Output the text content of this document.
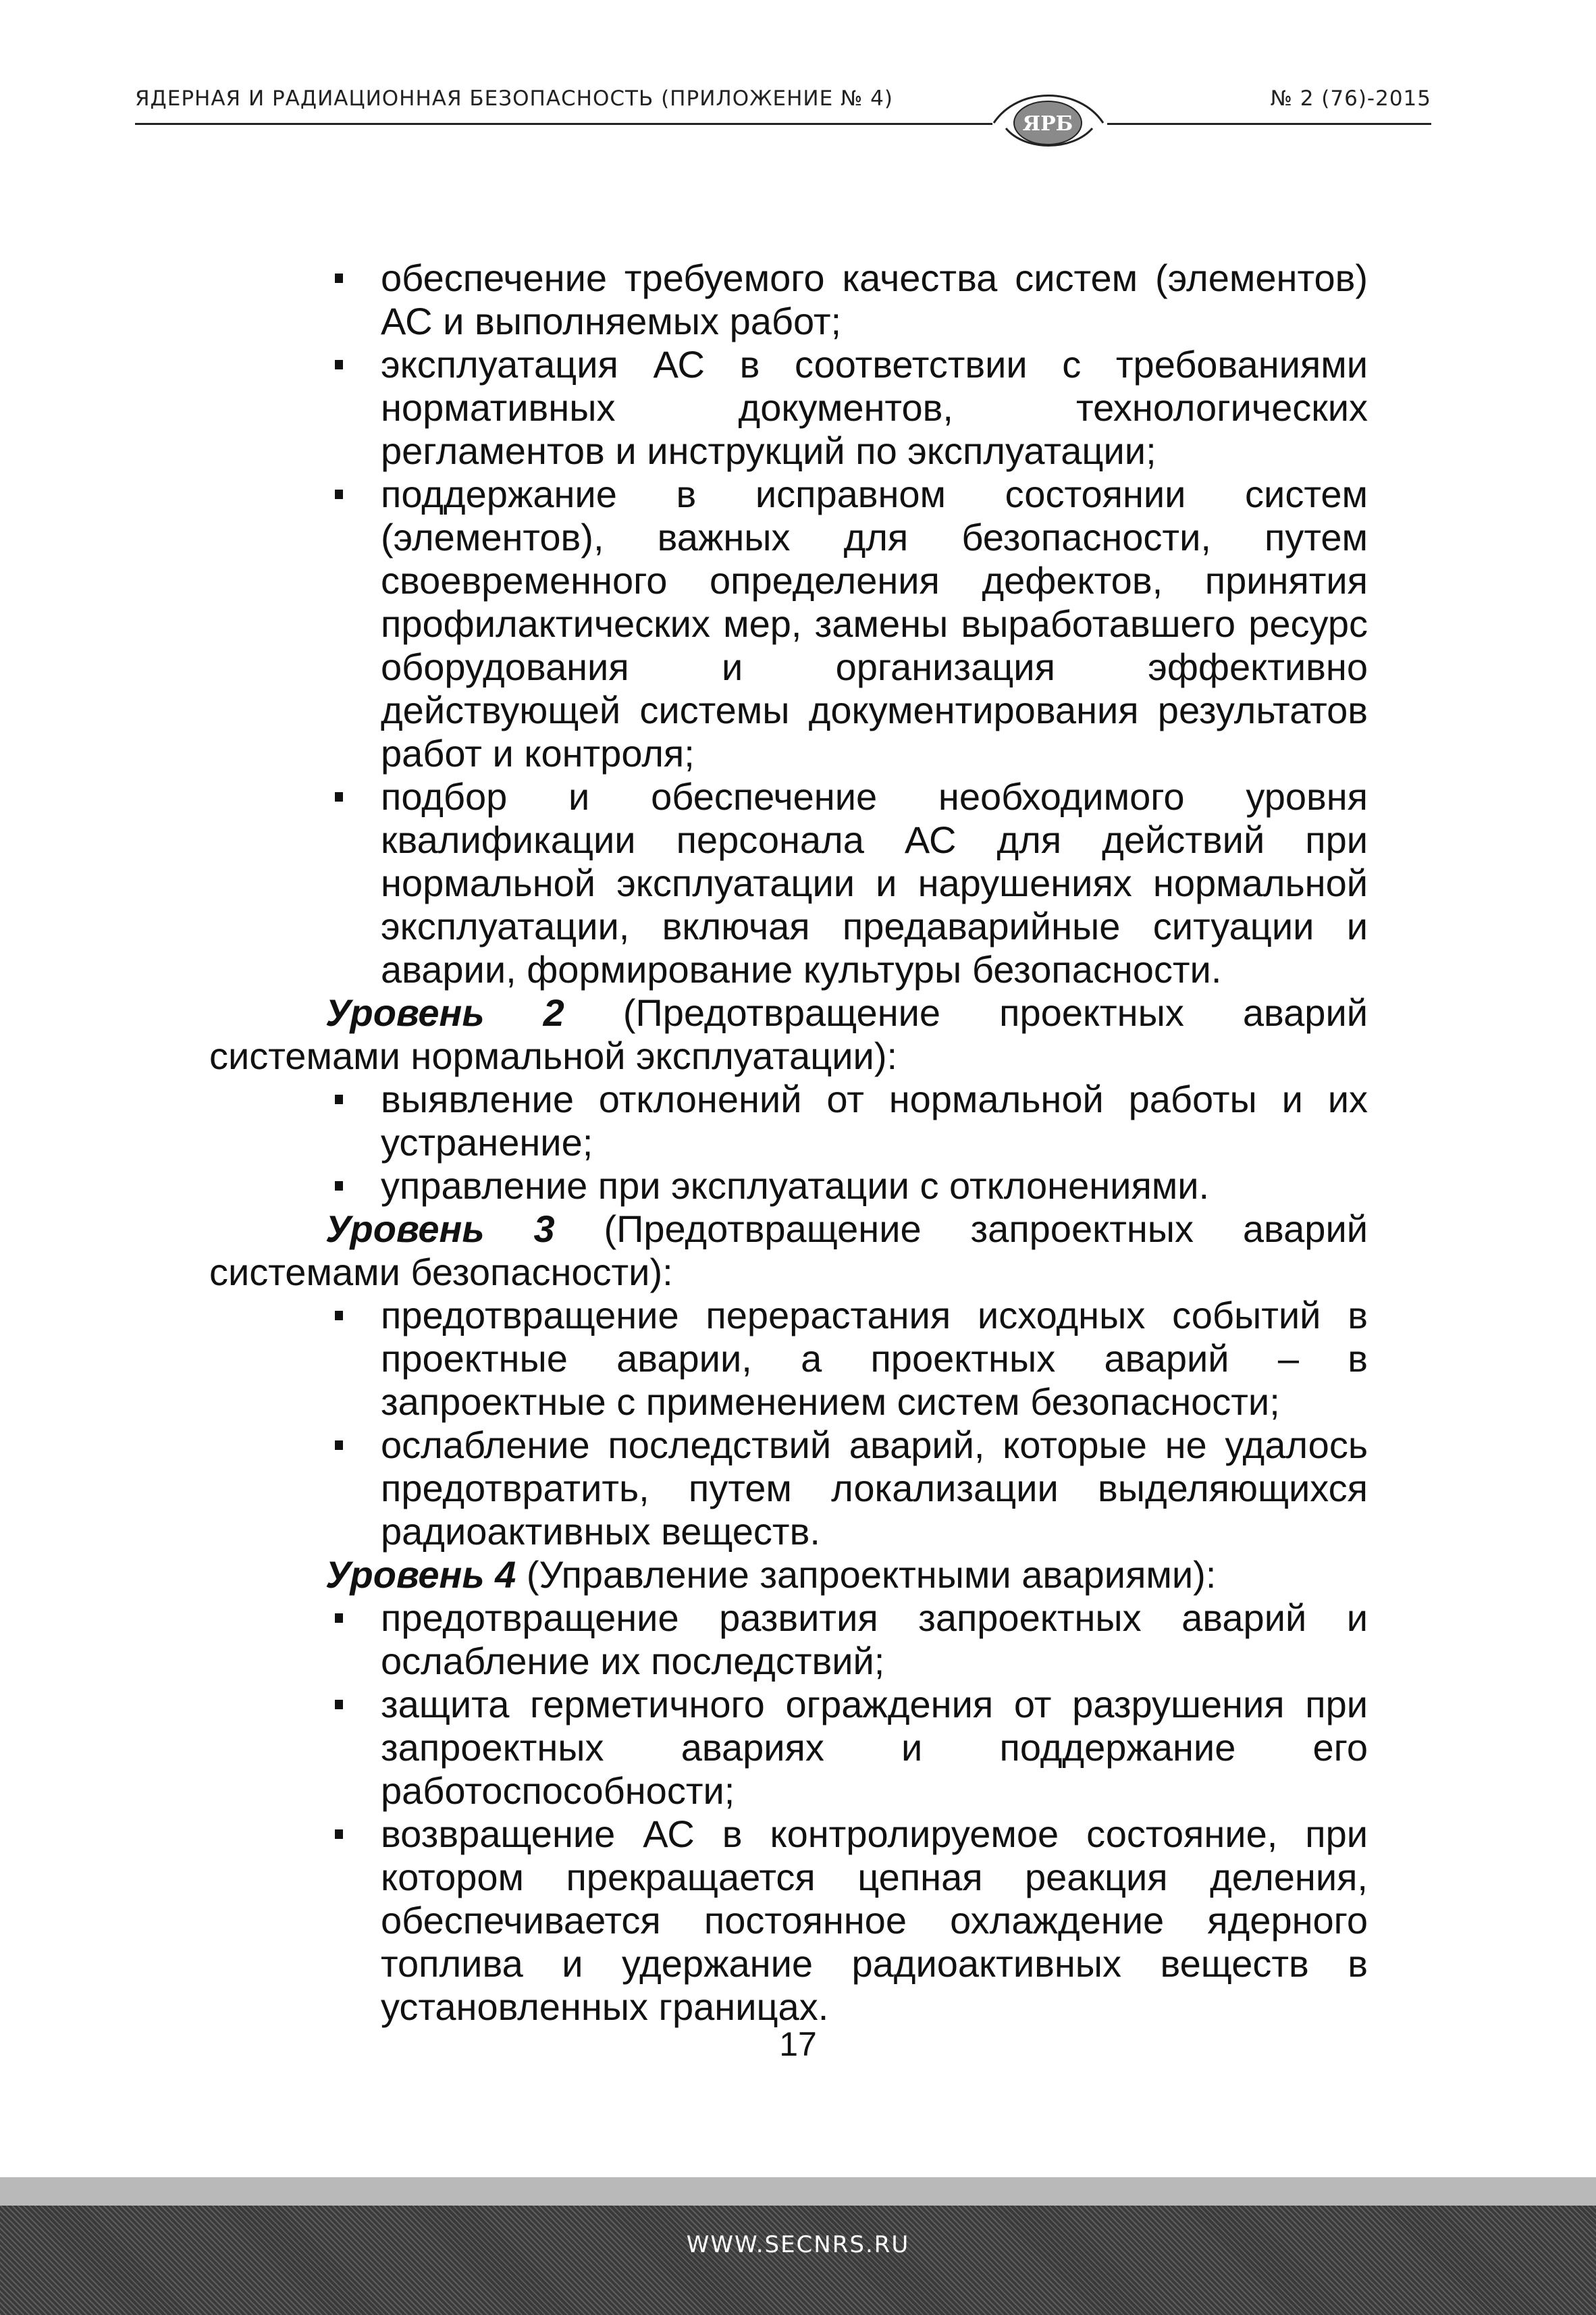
ЯДЕРНАЯ И РАДИАЦИОННАЯ БЕЗОПАСНОСТЬ (ПРИЛОЖЕНИЕ № 4)	№ 2 (76)-2015
ЯРБ
обеспечение требуемого качества систем (элементов) АС и выполняемых работ;
эксплуатация АС в соответствии с требованиями нормативных документов, технологических регламентов и инструкций по эксплуатации;
поддержание в исправном состоянии систем (элементов), важных для безопасности, путем своевременного определения дефектов, принятия профилактических мер, замены выработавшего ресурс оборудования и организация эффективно действующей системы документирования результатов работ и контроля;
подбор и обеспечение необходимого уровня квалификации персонала АС для действий при нормальной эксплуатации и нарушениях нормальной эксплуатации, включая предаварийные ситуации и аварии, формирование культуры безопасности.
Уровень 2 (Предотвращение проектных аварий системами нормальной эксплуатации):
выявление отклонений от нормальной работы и их устранение;
управление при эксплуатации с отклонениями.
Уровень 3 (Предотвращение запроектных аварий системами безопасности):
предотвращение перерастания исходных событий в проектные аварии, а проектных аварий – в запроектные с применением систем безопасности;
ослабление последствий аварий, которые не удалось предотвратить, путем локализации выделяющихся радиоактивных веществ.
Уровень 4 (Управление запроектными авариями):
предотвращение развития запроектных аварий и ослабление их последствий;
защита герметичного ограждения от разрушения при запроектных авариях и поддержание его работоспособности;
возвращение АС в контролируемое состояние, при котором прекращается цепная реакция деления, обеспечивается постоянное охлаждение ядерного топлива и удержание радиоактивных веществ в установленных границах.
17
WWW.SECNRS.RU
